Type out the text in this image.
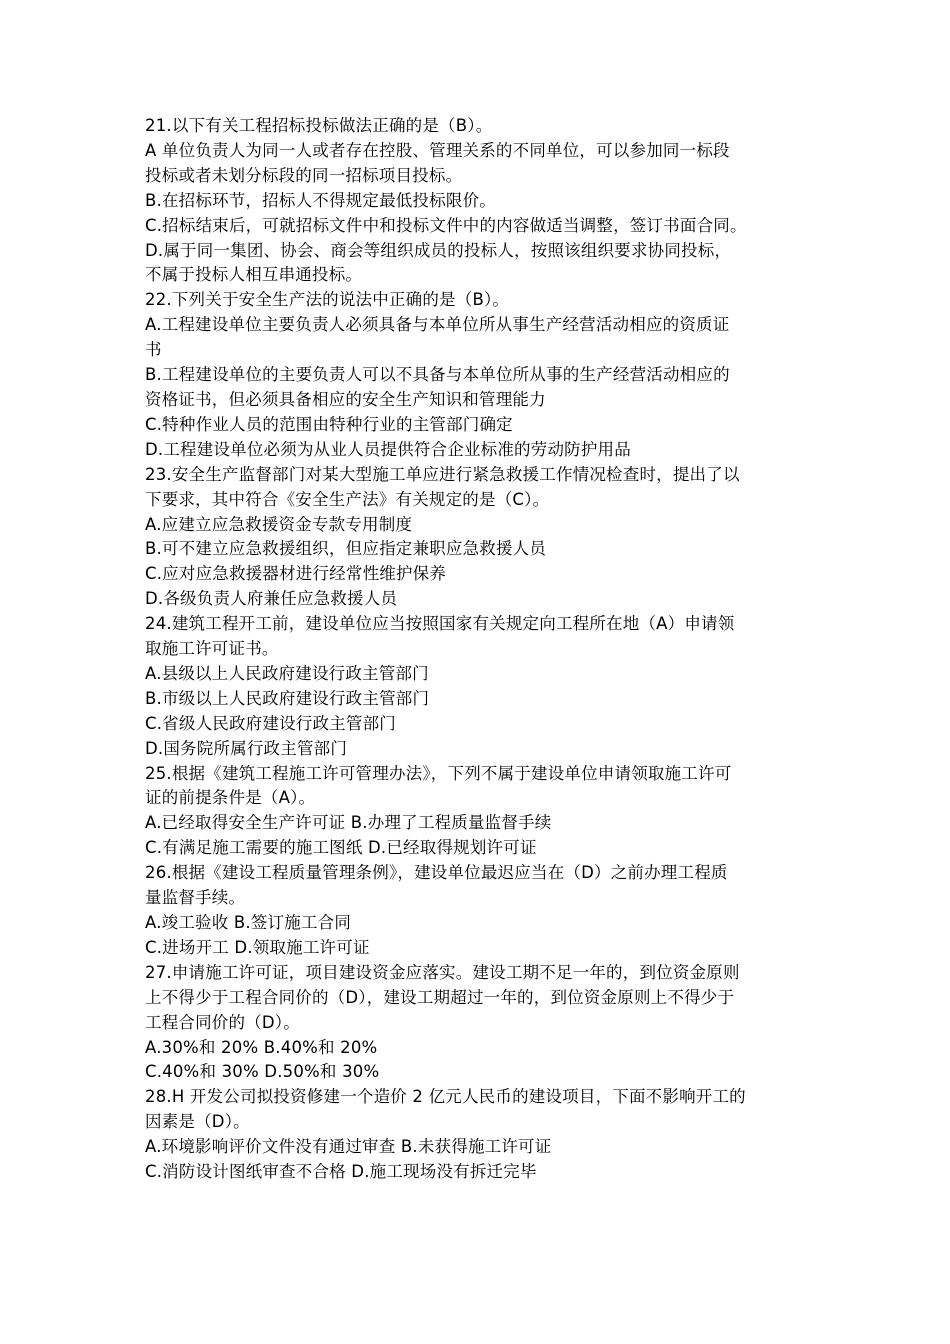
21.以下有关工程招标投标做法正确的是（B）。
A 单位负责人为同一人或者存在控股、管理关系的不同单位，可以参加同一标段
投标或者未划分标段的同一招标项目投标。
B.在招标环节，招标人不得规定最低投标限价。
C.招标结束后，可就招标文件中和投标文件中的内容做适当调整，签订书面合同。
D.属于同一集团、协会、商会等组织成员的投标人，按照该组织要求协同投标，
不属于投标人相互串通投标。
22.下列关于安全生产法的说法中正确的是（B）。
A.工程建设单位主要负责人必须具备与本单位所从事生产经营活动相应的资质证
书
B.工程建设单位的主要负责人可以不具备与本单位所从事的生产经营活动相应的
资格证书，但必须具备相应的安全生产知识和管理能力
C.特种作业人员的范围由特种行业的主管部门确定
D.工程建设单位必须为从业人员提供符合企业标准的劳动防护用品
23.安全生产监督部门对某大型施工单应进行紧急救援工作情况检查时，提出了以
下要求，其中符合《安全生产法》有关规定的是（C）。
A.应建立应急救援资金专款专用制度
B.可不建立应急救援组织，但应指定兼职应急救援人员
C.应对应急救援器材进行经常性维护保养
D.各级负责人府兼任应急救援人员
24.建筑工程开工前，建设单位应当按照国家有关规定向工程所在地（A）申请领
取施工许可证书。
A.县级以上人民政府建设行政主管部门
B.市级以上人民政府建设行政主管部门
C.省级人民政府建设行政主管部门
D.国务院所属行政主管部门
25.根据《建筑工程施工许可管理办法》，下列不属于建设单位申请领取施工许可
证的前提条件是（A）。
A.已经取得安全生产许可证 B.办理了工程质量监督手续
C.有满足施工需要的施工图纸 D.已经取得规划许可证
26.根据《建设工程质量管理条例》，建设单位最迟应当在（D）之前办理工程质
量监督手续。
A.竣工验收 B.签订施工合同
C.进场开工 D.领取施工许可证
27.申请施工许可证，项目建设资金应落实。建设工期不足一年的，到位资金原则
上不得少于工程合同价的（D），建设工期超过一年的，到位资金原则上不得少于
工程合同价的（D）。
A.30%和 20% B.40%和 20%
C.40%和 30% D.50%和 30%
28.H 开发公司拟投资修建一个造价 2 亿元人民币的建设项目，下面不影响开工的
因素是（D）。
A.环境影响评价文件没有通过审查 B.未获得施工许可证
C.消防设计图纸审查不合格 D.施工现场没有拆迁完毕
